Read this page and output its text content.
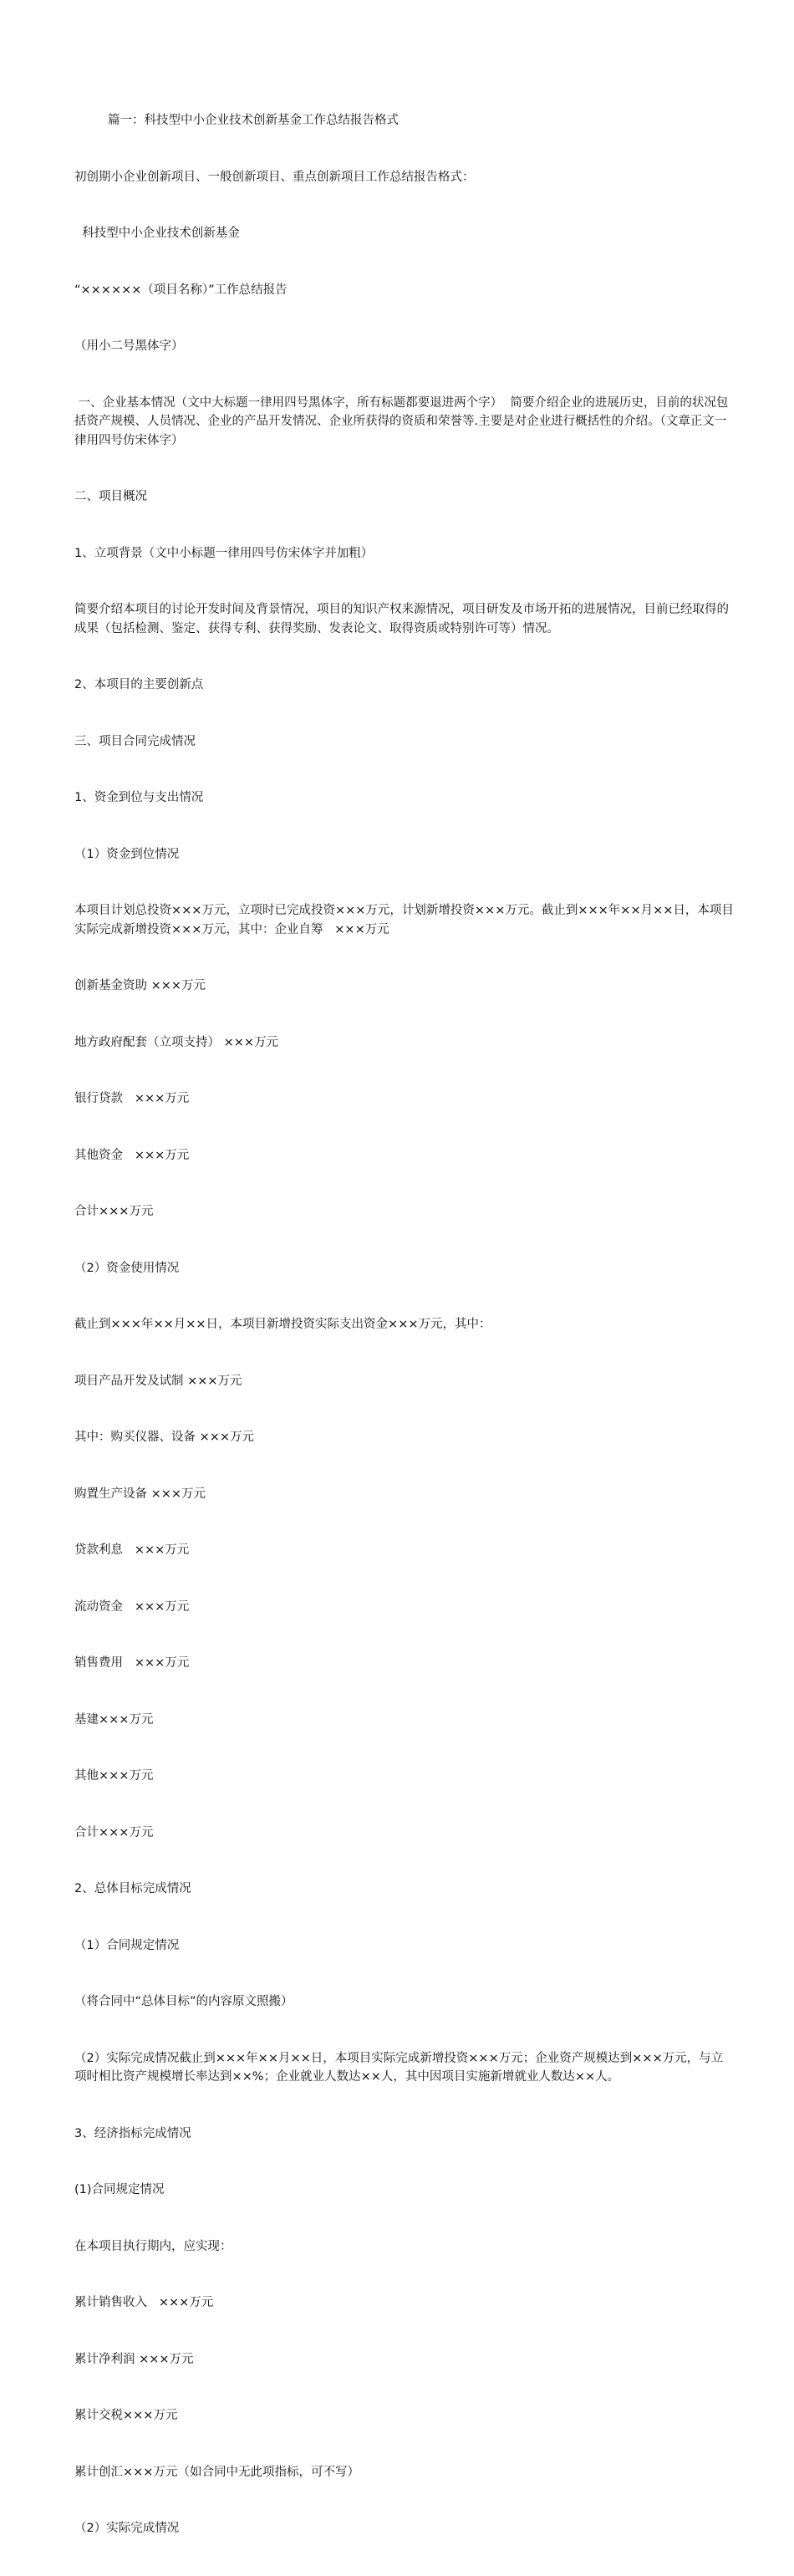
篇一：科技型中小企业技术创新基金工作总结报告格式

初创期小企业创新项目、一般创新项目、重点创新项目工作总结报告格式：

科技型中小企业技术创新基金

“××××××（项目名称）”工作总结报告

（用小二号黑体字）

一、企业基本情况（文中大标题一律用四号黑体字，所有标题都要退进两个字）  简要介绍企业的进展历史，目前的状况包括资产规模、人员情况、企业的产品开发情况、企业所获得的资质和荣誉等.主要是对企业进行概括性的介绍。（文章正文一律用四号仿宋体字）

二、项目概况

1、立项背景（文中小标题一律用四号仿宋体字并加粗）

简要介绍本项目的讨论开发时间及背景情况，项目的知识产权来源情况，项目研发及市场开拓的进展情况，目前已经取得的成果（包括检测、鉴定、获得专利、获得奖励、发表论文、取得资质或特别许可等）情况。

2、本项目的主要创新点

三、项目合同完成情况

1、资金到位与支出情况

（1）资金到位情况

本项目计划总投资×××万元，立项时已完成投资×××万元，计划新增投资×××万元。截止到×××年××月××日，本项目实际完成新增投资×××万元，其中：企业自筹   ×××万元

创新基金资助 ×××万元

地方政府配套（立项支持） ×××万元

银行贷款   ×××万元

其他资金   ×××万元

合计×××万元

（2）资金使用情况

截止到×××年××月××日，本项目新增投资实际支出资金×××万元，其中：

项目产品开发及试制 ×××万元

其中：购买仪器、设备 ×××万元

购置生产设备 ×××万元

贷款利息   ×××万元

流动资金   ×××万元

销售费用   ×××万元

基建×××万元

其他×××万元

合计×××万元

2、总体目标完成情况

（1）合同规定情况

（将合同中“总体目标”的内容原文照搬）

（2）实际完成情况截止到×××年××月××日，本项目实际完成新增投资×××万元；企业资产规模达到×××万元，与立项时相比资产规模增长率达到××%；企业就业人数达××人，其中因项目实施新增就业人数达××人。

3、经济指标完成情况

(1)合同规定情况

在本项目执行期内，应实现：

累计销售收入   ×××万元

累计净利润 ×××万元

累计交税×××万元

累计创汇×××万元（如合同中无此项指标，可不写）

（2）实际完成情况
